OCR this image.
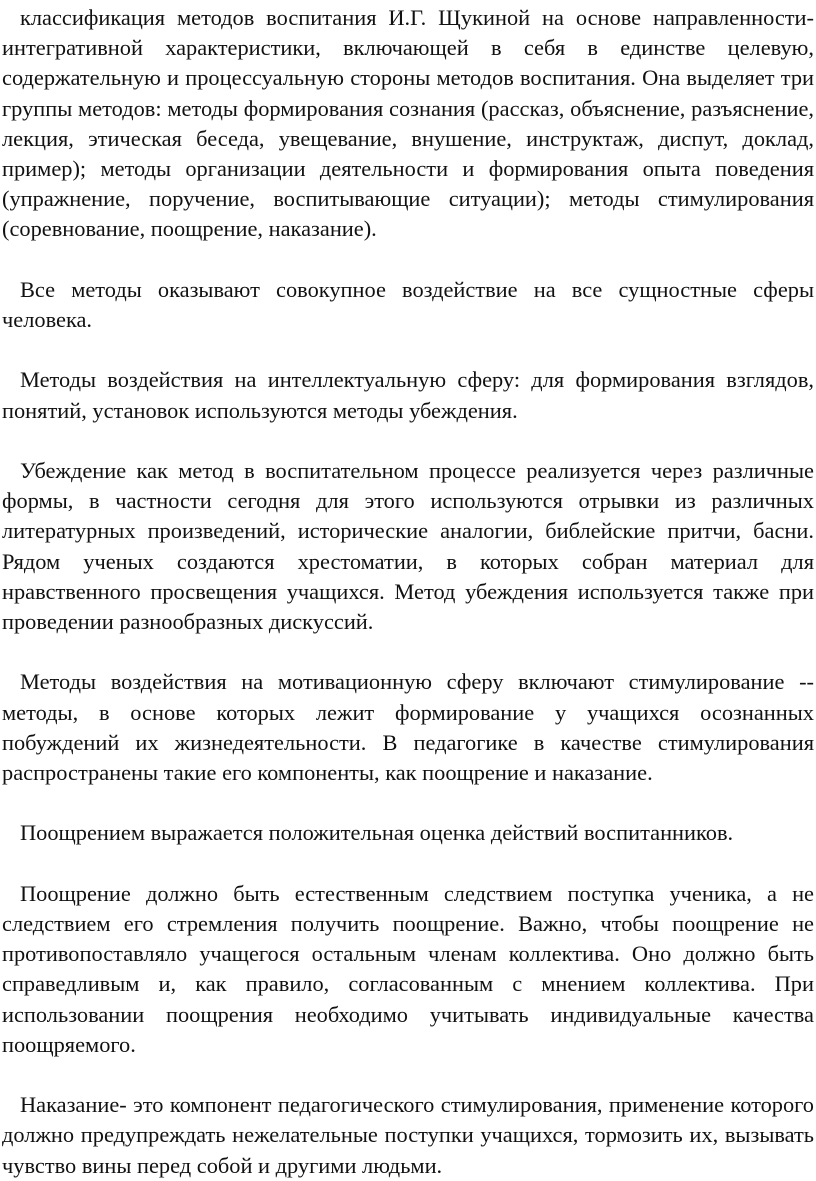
классификация методов воспитания И.Г. Щукиной на основе направленности- интегративной характеристики, включающей в себя в единстве целевую, содержательную и процессуальную стороны методов воспитания. Она выделяет три группы методов: методы формирования сознания (рассказ, объяснение, разъяснение, лекция, этическая беседа, увещевание, внушение, инструктаж, диспут, доклад, пример); методы организации деятельности и формирования опыта поведения (упражнение, поручение, воспитывающие ситуации); методы стимулирования (соревнование, поощрение, наказание).

Все методы оказывают совокупное воздействие на все сущностные сферы человека.

Методы воздействия на интеллектуальную сферу: для формирования взглядов, понятий, установок используются методы убеждения.

Убеждение как метод в воспитательном процессе реализуется через различные формы, в частности сегодня для этого используются отрывки из различных литературных произведений, исторические аналогии, библейские притчи, басни. Рядом ученых создаются хрестоматии, в которых собран материал для нравственного просвещения учащихся. Метод убеждения используется также при проведении разнообразных дискуссий.

Методы воздействия на мотивационную сферу включают стимулирование -- методы, в основе которых лежит формирование у учащихся осознанных побуждений их жизнедеятельности. В педагогике в качестве стимулирования распространены такие его компоненты, как поощрение и наказание.

Поощрением выражается положительная оценка действий воспитанников.

Поощрение должно быть естественным следствием поступка ученика, а не следствием его стремления получить поощрение. Важно, чтобы поощрение не противопоставляло учащегося остальным членам коллектива. Оно должно быть справедливым и, как правило, согласованным с мнением коллектива. При использовании поощрения необходимо учитывать индивидуальные качества поощряемого.

Наказание- это компонент педагогического стимулирования, применение которого должно предупреждать нежелательные поступки учащихся, тормозить их, вызывать чувство вины перед собой и другими людьми.
